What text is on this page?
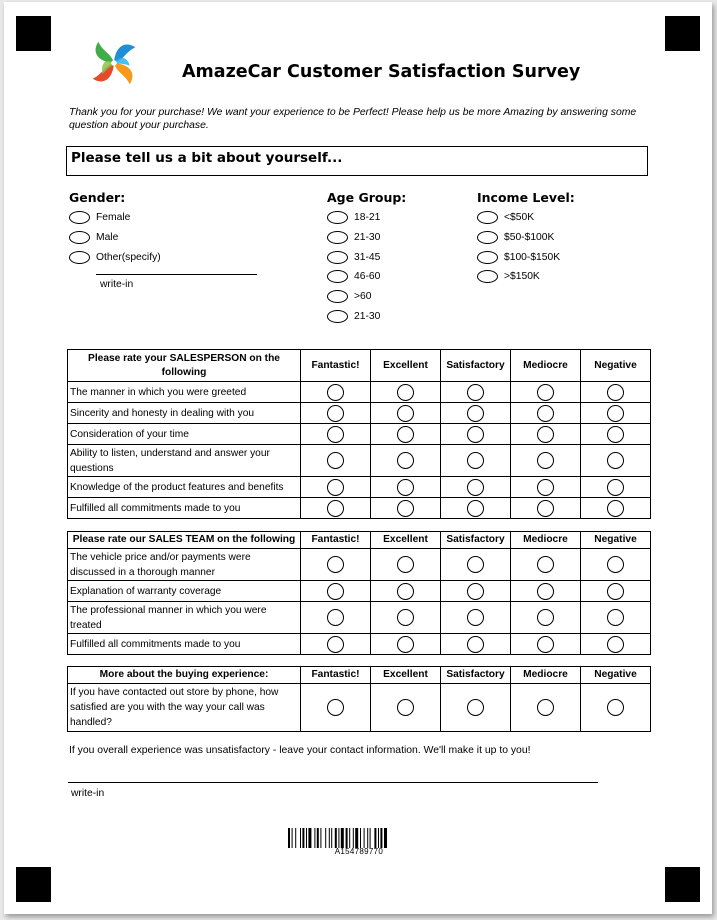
AmazeCar Customer Satisfaction Survey
Thank you for your purchase! We want your experience to be Perfect! Please help us be more Amazing by answering some question about your purchase.
Please tell us a bit about yourself...
Gender:
Female
Male
Other(specify)
write-in
Age Group:
18-21
21-30
31-45
46-60
>60
21-30
Income Level:
<$50K
$50-$100K
$100-$150K
>$150K
Please rate your SALESPERSON on the following	Fantastic!	Excellent	Satisfactory	Mediocre	Negative
The manner in which you were greeted					
Sincerity and honesty in dealing with you					
Consideration of your time					
Ability to listen, understand and answer your questions					
Knowledge of the product features and benefits					
Fulfilled all commitments made to you					
Please rate our SALES TEAM on the following	Fantastic!	Excellent	Satisfactory	Mediocre	Negative
The vehicle price and/or payments were discussed in a thorough manner					
Explanation of warranty coverage					
The professional manner in which you were treated					
Fulfilled all commitments made to you					
More about the buying experience:	Fantastic!	Excellent	Satisfactory	Mediocre	Negative
If you have contacted out store by phone, how satisfied are you with the way your call was handled?					
If you overall experience was unsatisfactory - leave your contact information. We'll make it up to you!
write-in
A154789770
